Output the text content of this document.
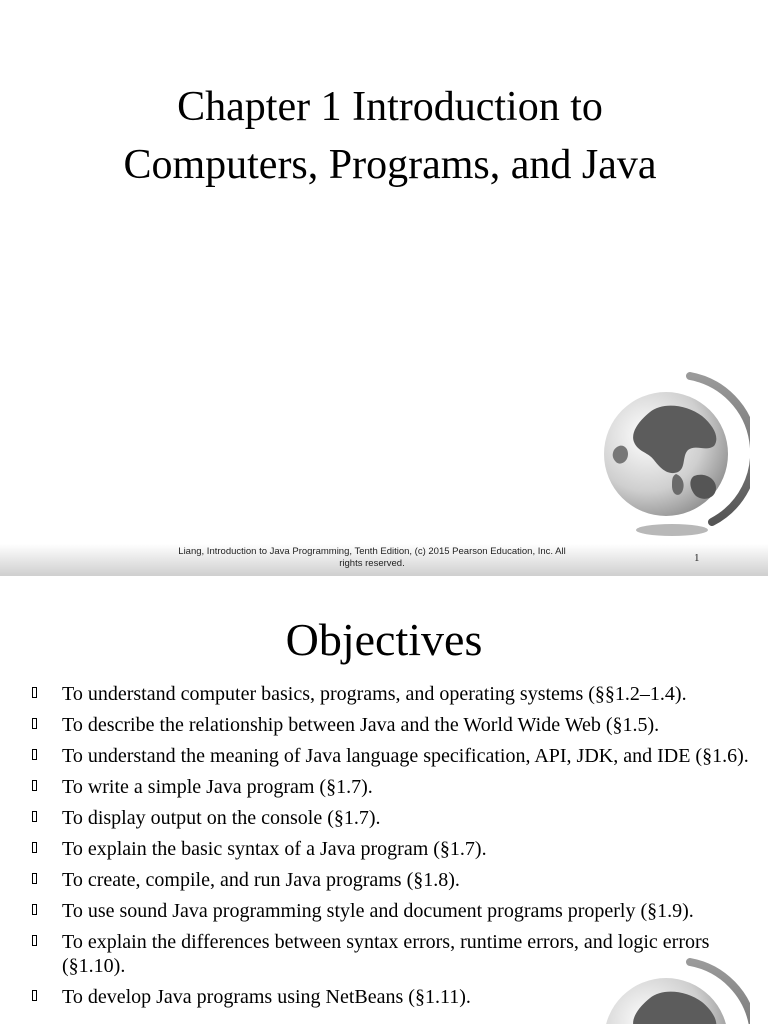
Chapter 1 Introduction to
Computers, Programs, and Java
Liang, Introduction to Java Programming, Tenth Edition, (c) 2015 Pearson Education, Inc. All
rights reserved.	1
Objectives
To understand computer basics, programs, and operating systems (§§1.2–1.4).
To describe the relationship between Java and the World Wide Web (§1.5).
To understand the meaning of Java language specification, API, JDK, and IDE (§1.6).
To write a simple Java program (§1.7).
To display output on the console (§1.7).
To explain the basic syntax of a Java program (§1.7).
To create, compile, and run Java programs (§1.8).
To use sound Java programming style and document programs properly (§1.9).
To explain the differences between syntax errors, runtime errors, and logic errors (§1.10).
To develop Java programs using NetBeans (§1.11).
